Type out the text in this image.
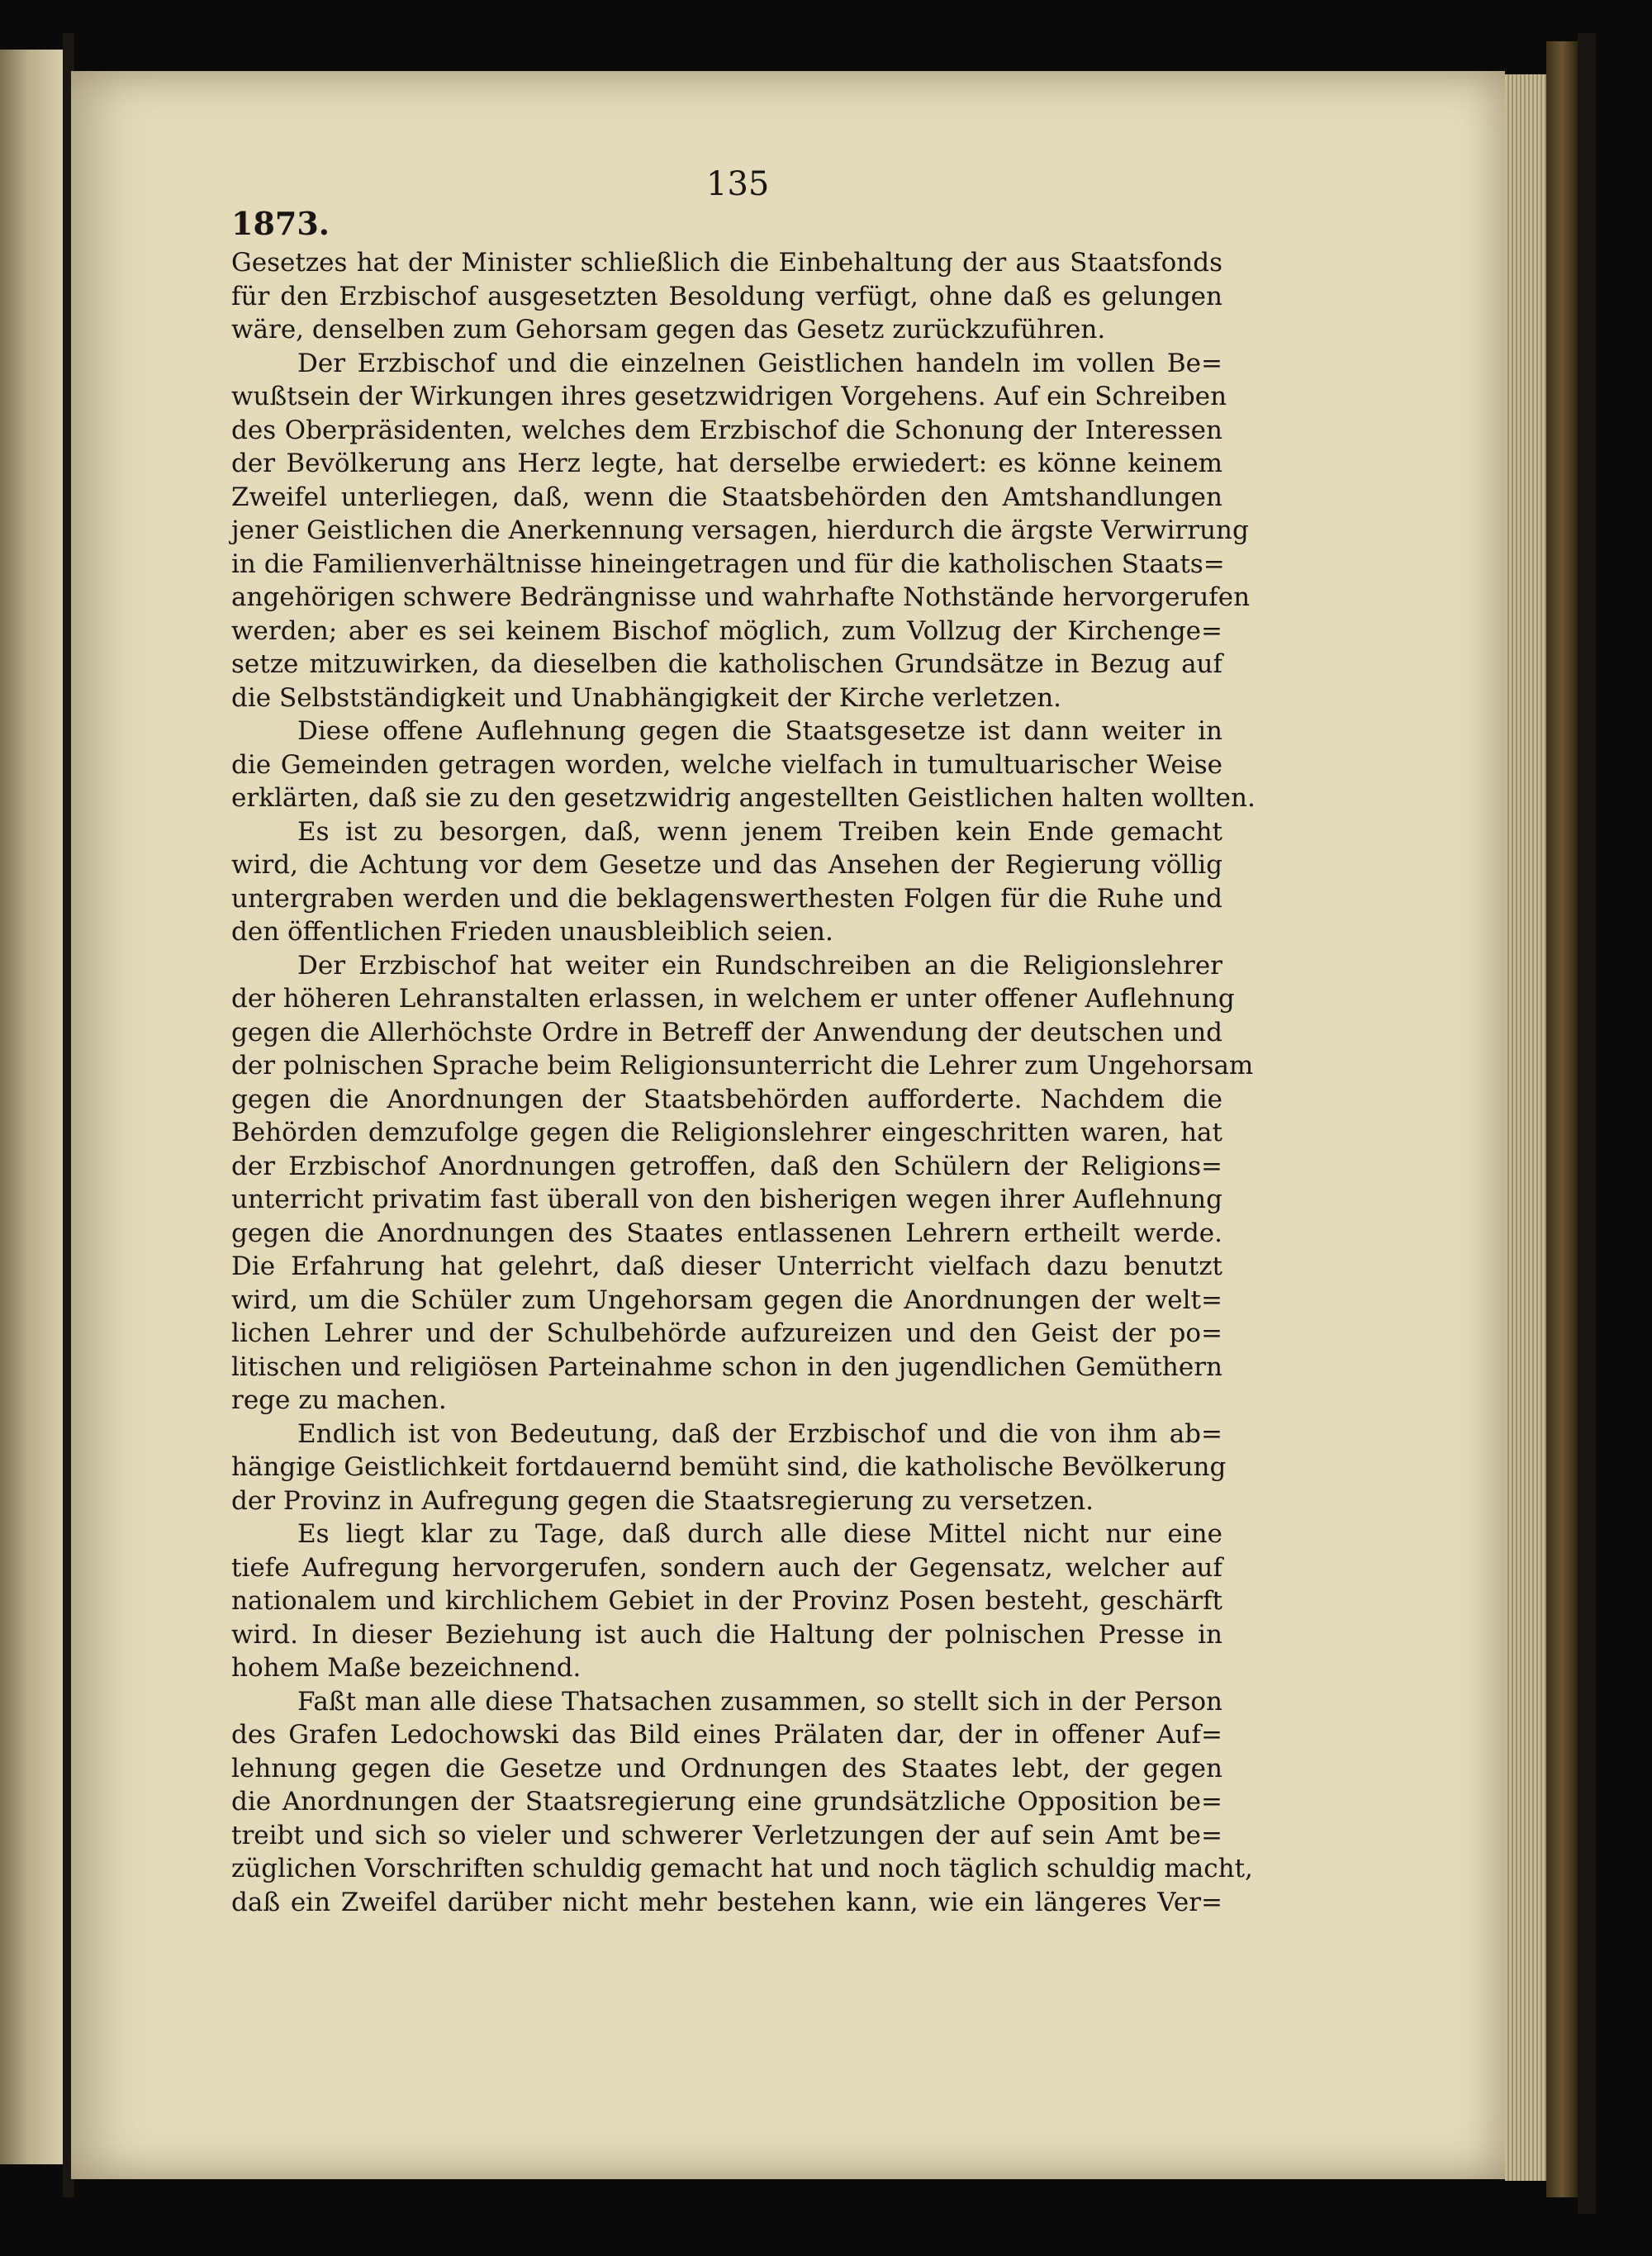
135

1873.

Gesetzes hat der Minister schließlich die Einbehaltung der aus Staatsfonds
für den Erzbischof ausgesetzten Besoldung verfügt, ohne daß es gelungen
wäre, denselben zum Gehorsam gegen das Gesetz zurückzuführen.
Der Erzbischof und die einzelnen Geistlichen handeln im vollen Be=
wußtsein der Wirkungen ihres gesetzwidrigen Vorgehens. Auf ein Schreiben
des Oberpräsidenten, welches dem Erzbischof die Schonung der Interessen
der Bevölkerung ans Herz legte, hat derselbe erwiedert: es könne keinem
Zweifel unterliegen, daß, wenn die Staatsbehörden den Amtshandlungen
jener Geistlichen die Anerkennung versagen, hierdurch die ärgste Verwirrung
in die Familienverhältnisse hineingetragen und für die katholischen Staats=
angehörigen schwere Bedrängnisse und wahrhafte Nothstände hervorgerufen
werden; aber es sei keinem Bischof möglich, zum Vollzug der Kirchenge=
setze mitzuwirken, da dieselben die katholischen Grundsätze in Bezug auf
die Selbstständigkeit und Unabhängigkeit der Kirche verletzen.
Diese offene Auflehnung gegen die Staatsgesetze ist dann weiter in
die Gemeinden getragen worden, welche vielfach in tumultuarischer Weise
erklärten, daß sie zu den gesetzwidrig angestellten Geistlichen halten wollten.
Es ist zu besorgen, daß, wenn jenem Treiben kein Ende gemacht
wird, die Achtung vor dem Gesetze und das Ansehen der Regierung völlig
untergraben werden und die beklagenswerthesten Folgen für die Ruhe und
den öffentlichen Frieden unausbleiblich seien.
Der Erzbischof hat weiter ein Rundschreiben an die Religionslehrer
der höheren Lehranstalten erlassen, in welchem er unter offener Auflehnung
gegen die Allerhöchste Ordre in Betreff der Anwendung der deutschen und
der polnischen Sprache beim Religionsunterricht die Lehrer zum Ungehorsam
gegen die Anordnungen der Staatsbehörden aufforderte. Nachdem die
Behörden demzufolge gegen die Religionslehrer eingeschritten waren, hat
der Erzbischof Anordnungen getroffen, daß den Schülern der Religions=
unterricht privatim fast überall von den bisherigen wegen ihrer Auflehnung
gegen die Anordnungen des Staates entlassenen Lehrern ertheilt werde.
Die Erfahrung hat gelehrt, daß dieser Unterricht vielfach dazu benutzt
wird, um die Schüler zum Ungehorsam gegen die Anordnungen der welt=
lichen Lehrer und der Schulbehörde aufzureizen und den Geist der po=
litischen und religiösen Parteinahme schon in den jugendlichen Gemüthern
rege zu machen.
Endlich ist von Bedeutung, daß der Erzbischof und die von ihm ab=
hängige Geistlichkeit fortdauernd bemüht sind, die katholische Bevölkerung
der Provinz in Aufregung gegen die Staatsregierung zu versetzen.
Es liegt klar zu Tage, daß durch alle diese Mittel nicht nur eine
tiefe Aufregung hervorgerufen, sondern auch der Gegensatz, welcher auf
nationalem und kirchlichem Gebiet in der Provinz Posen besteht, geschärft
wird. In dieser Beziehung ist auch die Haltung der polnischen Presse in
hohem Maße bezeichnend.
Faßt man alle diese Thatsachen zusammen, so stellt sich in der Person
des Grafen Ledochowski das Bild eines Prälaten dar, der in offener Auf=
lehnung gegen die Gesetze und Ordnungen des Staates lebt, der gegen
die Anordnungen der Staatsregierung eine grundsätzliche Opposition be=
treibt und sich so vieler und schwerer Verletzungen der auf sein Amt be=
züglichen Vorschriften schuldig gemacht hat und noch täglich schuldig macht,
daß ein Zweifel darüber nicht mehr bestehen kann, wie ein längeres Ver=
